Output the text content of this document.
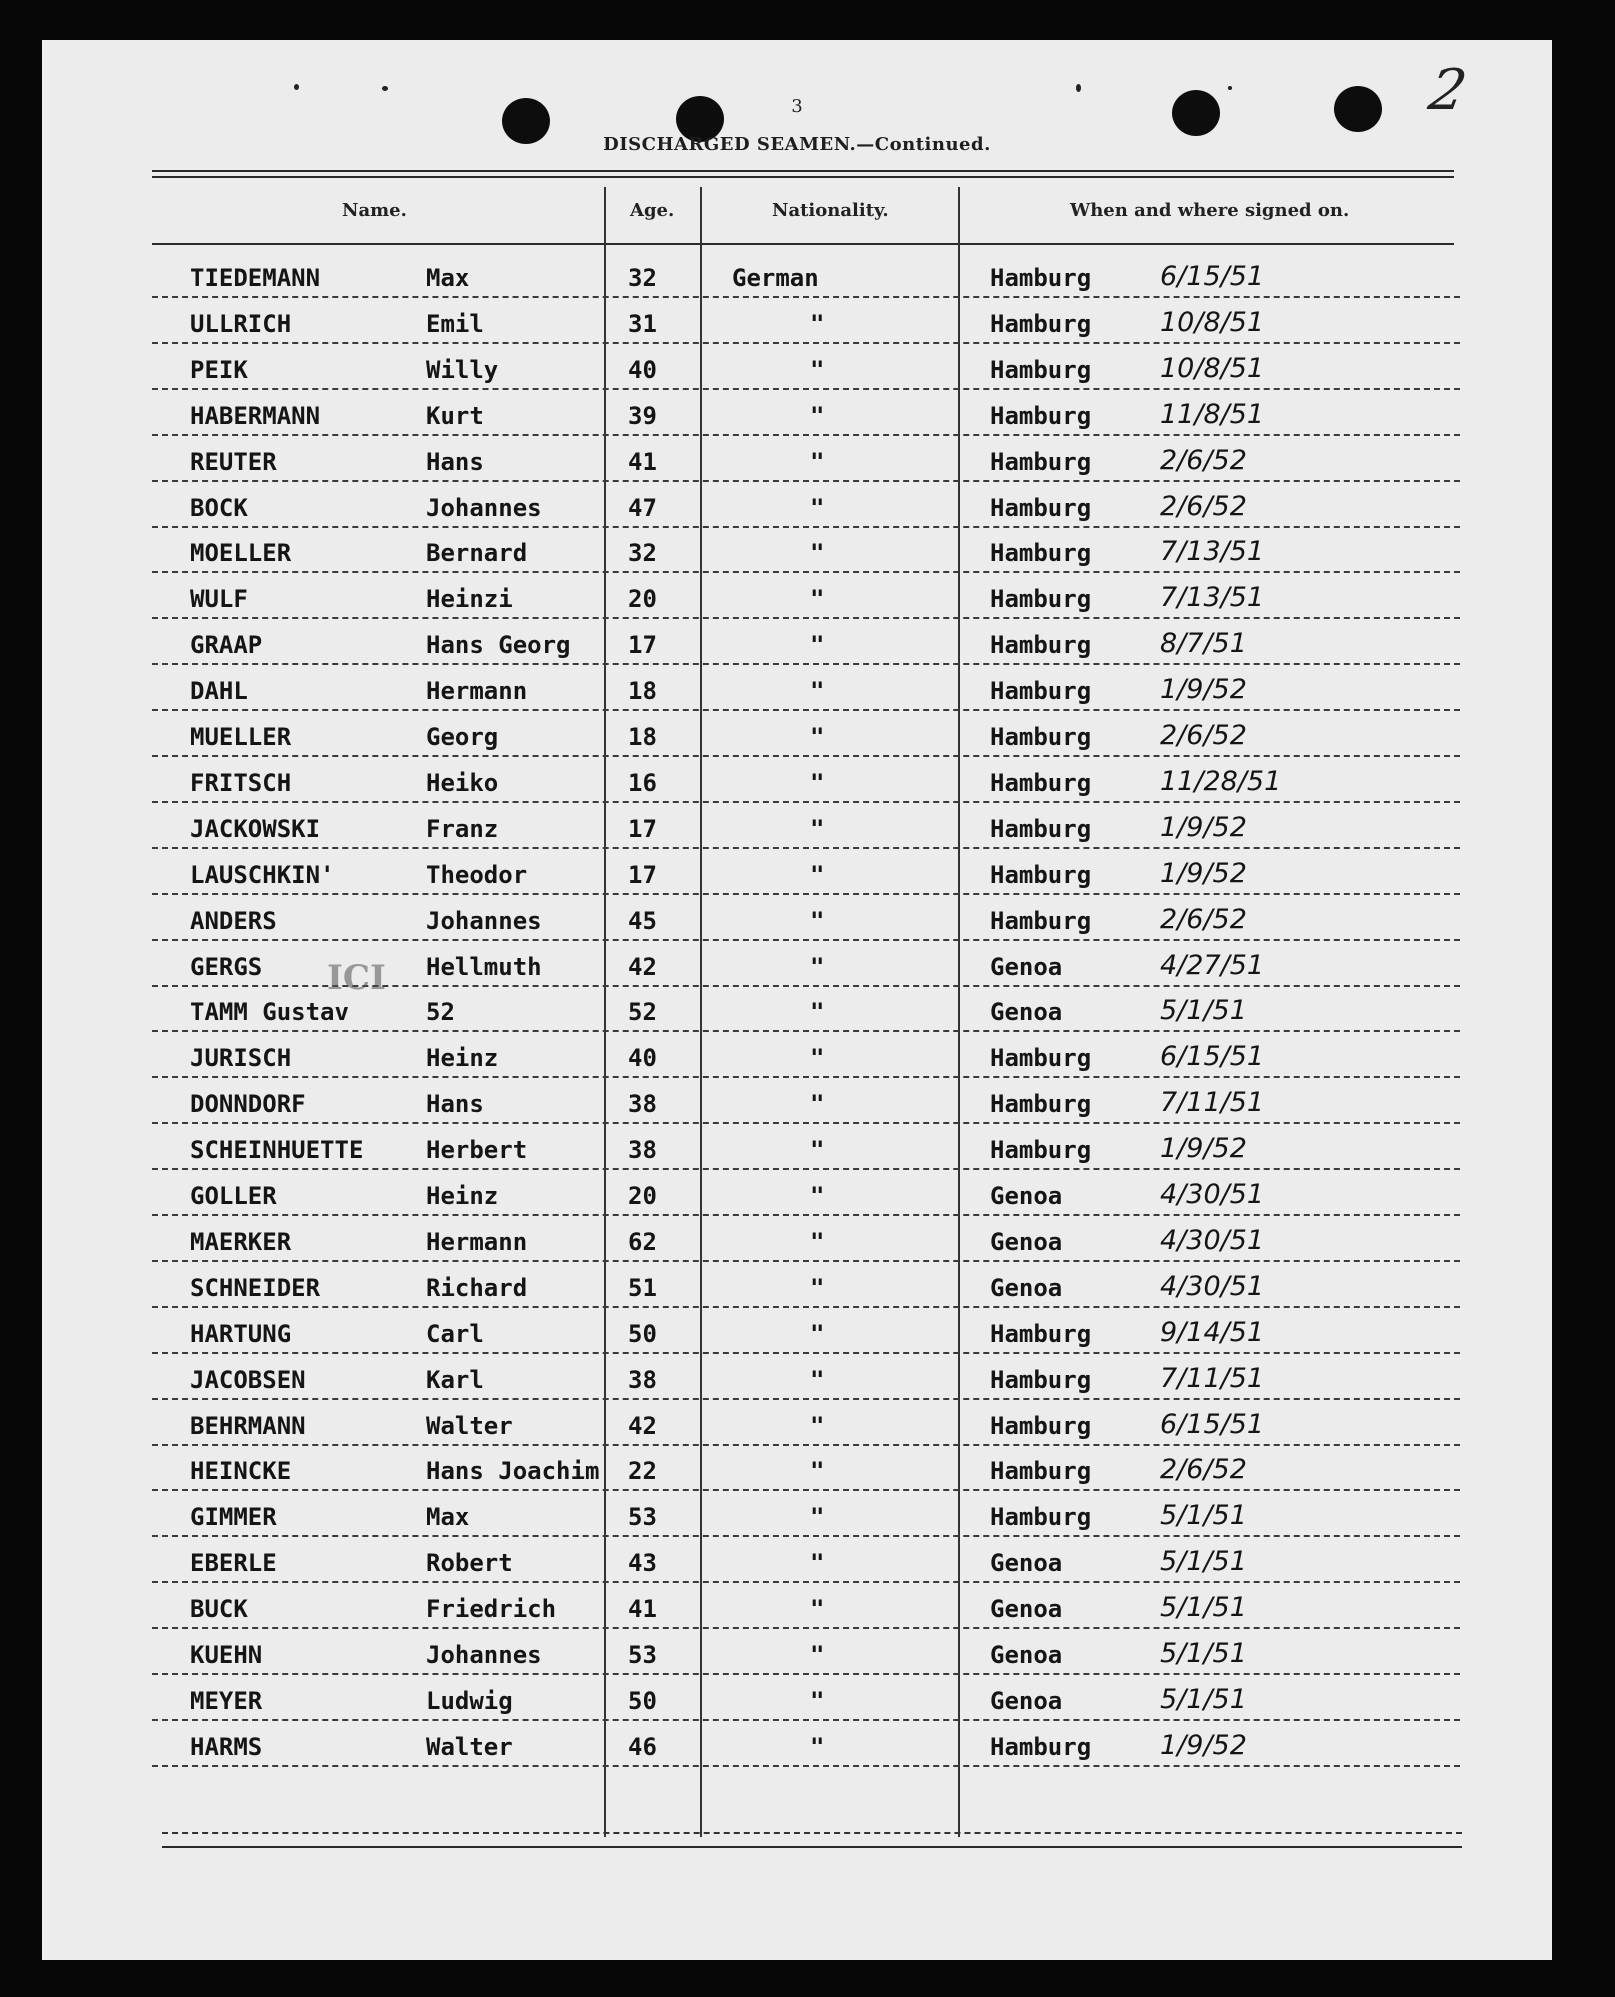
3
DISCHARGED SEAMEN.—Continued.
2
Name.	Age.	Nationality.	When and where signed on.
TIEDEMANN	Max	32	German	Hamburg	6/15/51
ULLRICH	Emil	31	"	Hamburg	10/8/51
PEIK	Willy	40	"	Hamburg	10/8/51
HABERMANN	Kurt	39	"	Hamburg	11/8/51
REUTER	Hans	41	"	Hamburg	2/6/52
BOCK	Johannes	47	"	Hamburg	2/6/52
MOELLER	Bernard	32	"	Hamburg	7/13/51
WULF	Heinzi	20	"	Hamburg	7/13/51
GRAAP	Hans Georg 17	"	Hamburg	8/7/51
DAHL	Hermann	18	"	Hamburg	1/9/52
MUELLER	Georg	18	"	Hamburg	2/6/52
FRITSCH	Heiko	16	"	Hamburg	11/28/51
JACKOWSKI	Franz	17	"	Hamburg	1/9/52
LAUSCHKIN'	Theodor	17	"	Hamburg	1/9/52
ANDERS	Johannes	45	"	Hamburg	2/6/52
GERGS	Hellmuth	42	"	Genoa	4/27/51
TAMM Gustav	52	52	"	Genoa	5/1/51
JURISCH	Heinz	40	"	Hamburg	6/15/51
DONNDORF	Hans	38	"	Hamburg	7/11/51
SCHEINHUETTE	Herbert	38	"	Hamburg	1/9/52
GOLLER	Heinz	20	"	Genoa	4/30/51
MAERKER	Hermann	62	"	Genoa	4/30/51
SCHNEIDER	Richard	51	"	Genoa	4/30/51
HARTUNG	Carl	50	"	Hamburg	9/14/51
JACOBSEN	Karl	38	"	Hamburg	7/11/51
BEHRMANN	Walter	42	"	Hamburg	6/15/51
HEINCKE	Hans Joachim 22	"	Hamburg	2/6/52
GIMMER	Max	53	"	Hamburg	5/1/51
EBERLE	Robert	43	"	Genoa	5/1/51
BUCK	Friedrich	41	"	Genoa	5/1/51
KUEHN	Johannes	53	"	Genoa	5/1/51
MEYER	Ludwig	50	"	Genoa	5/1/51
HARMS	Walter	46	"	Hamburg	1/9/52
ICI
